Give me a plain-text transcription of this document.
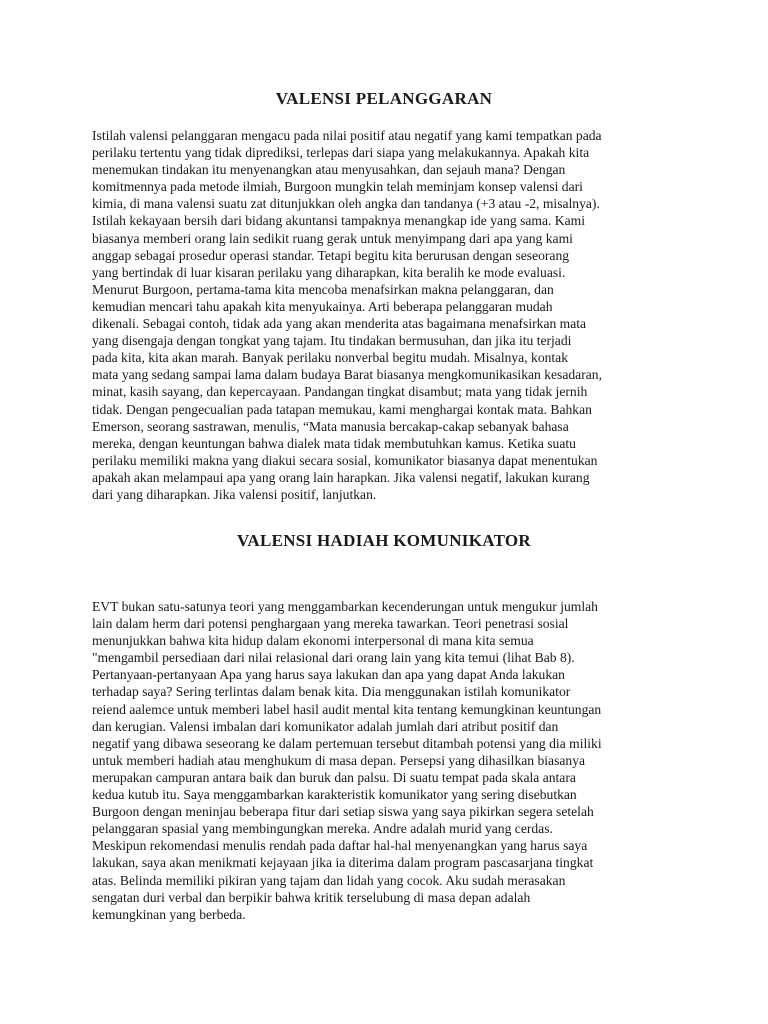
VALENSI PELANGGARAN
Istilah valensi pelanggaran mengacu pada nilai positif atau negatif yang kami tempatkan pada
perilaku tertentu yang tidak diprediksi, terlepas dari siapa yang melakukannya. Apakah kita
menemukan tindakan itu menyenangkan atau menyusahkan, dan sejauh mana? Dengan
komitmennya pada metode ilmiah, Burgoon mungkin telah meminjam konsep valensi dari
kimia, di mana valensi suatu zat ditunjukkan oleh angka dan tandanya (+3 atau -2, misalnya).
Istilah kekayaan bersih dari bidang akuntansi tampaknya menangkap ide yang sama. Kami
biasanya memberi orang lain sedikit ruang gerak untuk menyimpang dari apa yang kami
anggap sebagai prosedur operasi standar. Tetapi begitu kita berurusan dengan seseorang
yang bertindak di luar kisaran perilaku yang diharapkan, kita beralih ke mode evaluasi.
Menurut Burgoon, pertama-tama kita mencoba menafsirkan makna pelanggaran, dan
kemudian mencari tahu apakah kita menyukainya. Arti beberapa pelanggaran mudah
dikenali. Sebagai contoh, tidak ada yang akan menderita atas bagaimana menafsirkan mata
yang disengaja dengan tongkat yang tajam. Itu tindakan bermusuhan, dan jika itu terjadi
pada kita, kita akan marah. Banyak perilaku nonverbal begitu mudah. Misalnya, kontak
mata yang sedang sampai lama dalam budaya Barat biasanya mengkomunikasikan kesadaran,
minat, kasih sayang, dan kepercayaan. Pandangan tingkat disambut; mata yang tidak jernih
tidak. Dengan pengecualian pada tatapan memukau, kami menghargai kontak mata. Bahkan
Emerson, seorang sastrawan, menulis, “Mata manusia bercakap-cakap sebanyak bahasa
mereka, dengan keuntungan bahwa dialek mata tidak membutuhkan kamus. Ketika suatu
perilaku memiliki makna yang diakui secara sosial, komunikator biasanya dapat menentukan
apakah akan melampaui apa yang orang lain harapkan. Jika valensi negatif, lakukan kurang
dari yang diharapkan. Jika valensi positif, lanjutkan.
VALENSI HADIAH KOMUNIKATOR
EVT bukan satu-satunya teori yang menggambarkan kecenderungan untuk mengukur jumlah
lain dalam herm dari potensi penghargaan yang mereka tawarkan. Teori penetrasi sosial
menunjukkan bahwa kita hidup dalam ekonomi interpersonal di mana kita semua
"mengambil persediaan dari nilai relasional dari orang lain yang kita temui (lihat Bab 8).
Pertanyaan-pertanyaan Apa yang harus saya lakukan dan apa yang dapat Anda lakukan
terhadap saya? Sering terlintas dalam benak kita. Dia menggunakan istilah komunikator
reiend aalemce untuk memberi label hasil audit mental kita tentang kemungkinan keuntungan
dan kerugian. Valensi imbalan dari komunikator adalah jumlah dari atribut positif dan
negatif yang dibawa seseorang ke dalam pertemuan tersebut ditambah potensi yang dia miliki
untuk memberi hadiah atau menghukum di masa depan. Persepsi yang dihasilkan biasanya
merupakan campuran antara baik dan buruk dan palsu. Di suatu tempat pada skala antara
kedua kutub itu. Saya menggambarkan karakteristik komunikator yang sering disebutkan
Burgoon dengan meninjau beberapa fitur dari setiap siswa yang saya pikirkan segera setelah
pelanggaran spasial yang membingungkan mereka. Andre adalah murid yang cerdas.
Meskipun rekomendasi menulis rendah pada daftar hal-hal menyenangkan yang harus saya
lakukan, saya akan menikmati kejayaan jika ia diterima dalam program pascasarjana tingkat
atas. Belinda memiliki pikiran yang tajam dan lidah yang cocok. Aku sudah merasakan
sengatan duri verbal dan berpikir bahwa kritik terselubung di masa depan adalah
kemungkinan yang berbeda.
